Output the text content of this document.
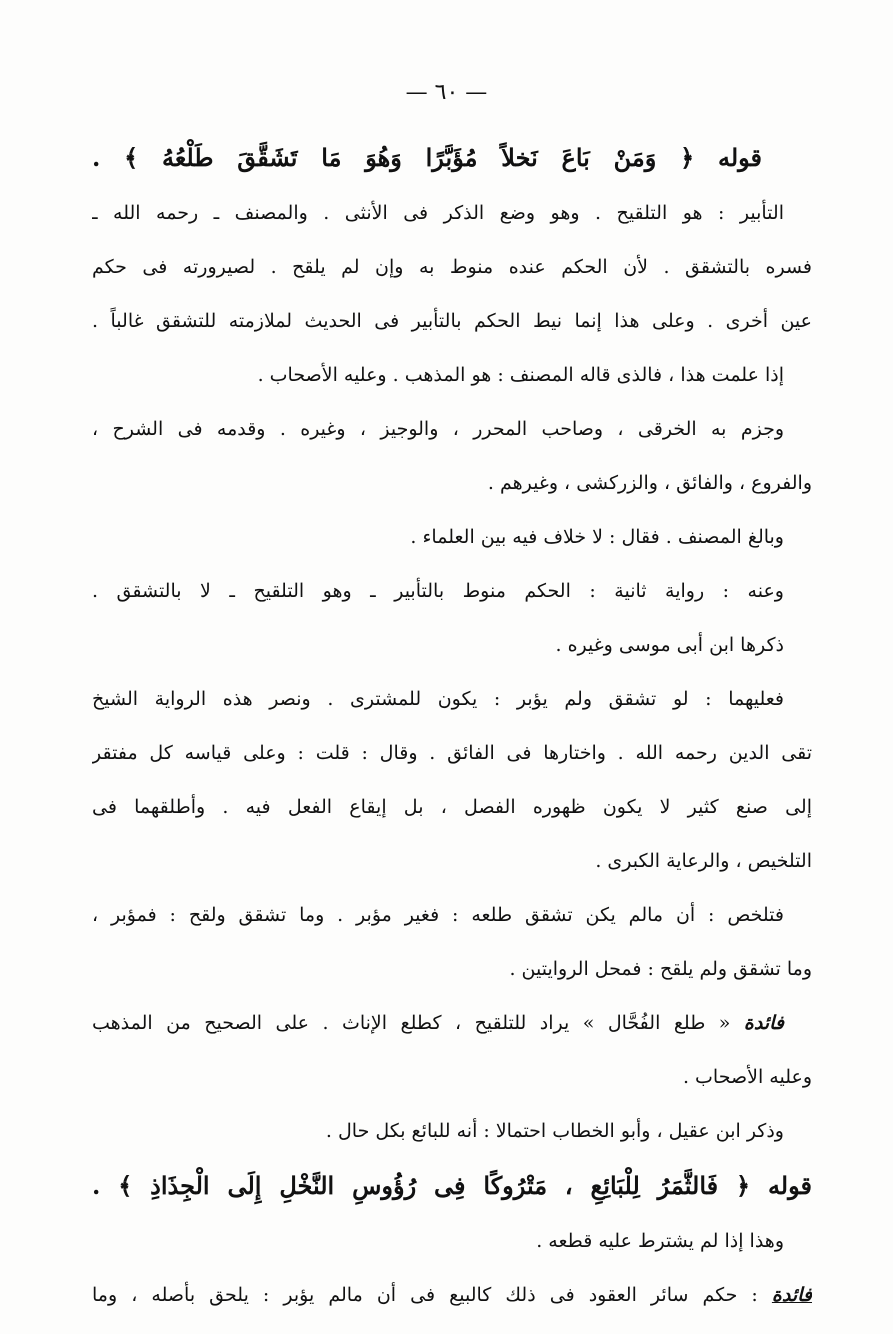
— ٦٠ —
قوله ﴿ وَمَنْ بَاعَ نَخلاً مُؤَبَّرًا وَهُوَ مَا تَشَقَّقَ طَلْعُهُ ﴾ .
التأبير : هو التلقيح . وهو وضع الذكر فى الأنثى . والمصنف ـ رحمه الله ـ
فسره بالتشقق . لأن الحكم عنده منوط به وإن لم يلقح . لصيرورته فى حكم
عين أخرى . وعلى هذا إنما نيط الحكم بالتأبير فى الحديث لملازمته للتشقق غالباً .
إذا علمت هذا ، فالذى قاله المصنف : هو المذهب . وعليه الأصحاب .
وجزم به الخرقى ، وصاحب المحرر ، والوجيز ، وغيره . وقدمه فى الشرح ،
والفروع ، والفائق ، والزركشى ، وغيرهم .
وبالغ المصنف . فقال : لا خلاف فيه بين العلماء .
وعنه : رواية ثانية : الحكم منوط بالتأبير ـ وهو التلقيح ـ لا بالتشقق .
ذكرها ابن أبى موسى وغيره .
فعليهما : لو تشقق ولم يؤبر : يكون للمشترى . ونصر هذه الرواية الشيخ
تقى الدين رحمه الله . واختارها فى الفائق . وقال : قلت : وعلى قياسه كل مفتقر
إلى صنع كثير لا يكون ظهوره الفصل ، بل إيقاع الفعل فيه . وأطلقهما فى
التلخيص ، والرعاية الكبرى .
فتلخص : أن مالم يكن تشقق طلعه : فغير مؤبر . وما تشقق ولقح : فمؤبر ،
وما تشقق ولم يلقح : فمحل الروايتين .
فائدة « طلع الفُحَّال » يراد للتلقيح ، كطلع الإناث . على الصحيح من المذهب
وعليه الأصحاب .
وذكر ابن عقيل ، وأبو الخطاب احتمالا : أنه للبائع بكل حال .
قوله ﴿ فَالثَّمَرُ لِلْبَائِعِ ، مَتْرُوكًا فِى رُؤُوسِ النَّخْلِ إِلَى الْجِذَاذِ ﴾ .
وهذا إذا لم يشترط عليه قطعه .
فائدة : حكم سائر العقود فى ذلك كالبيع فى أن مالم يؤبر : يلحق بأصله ، وما
